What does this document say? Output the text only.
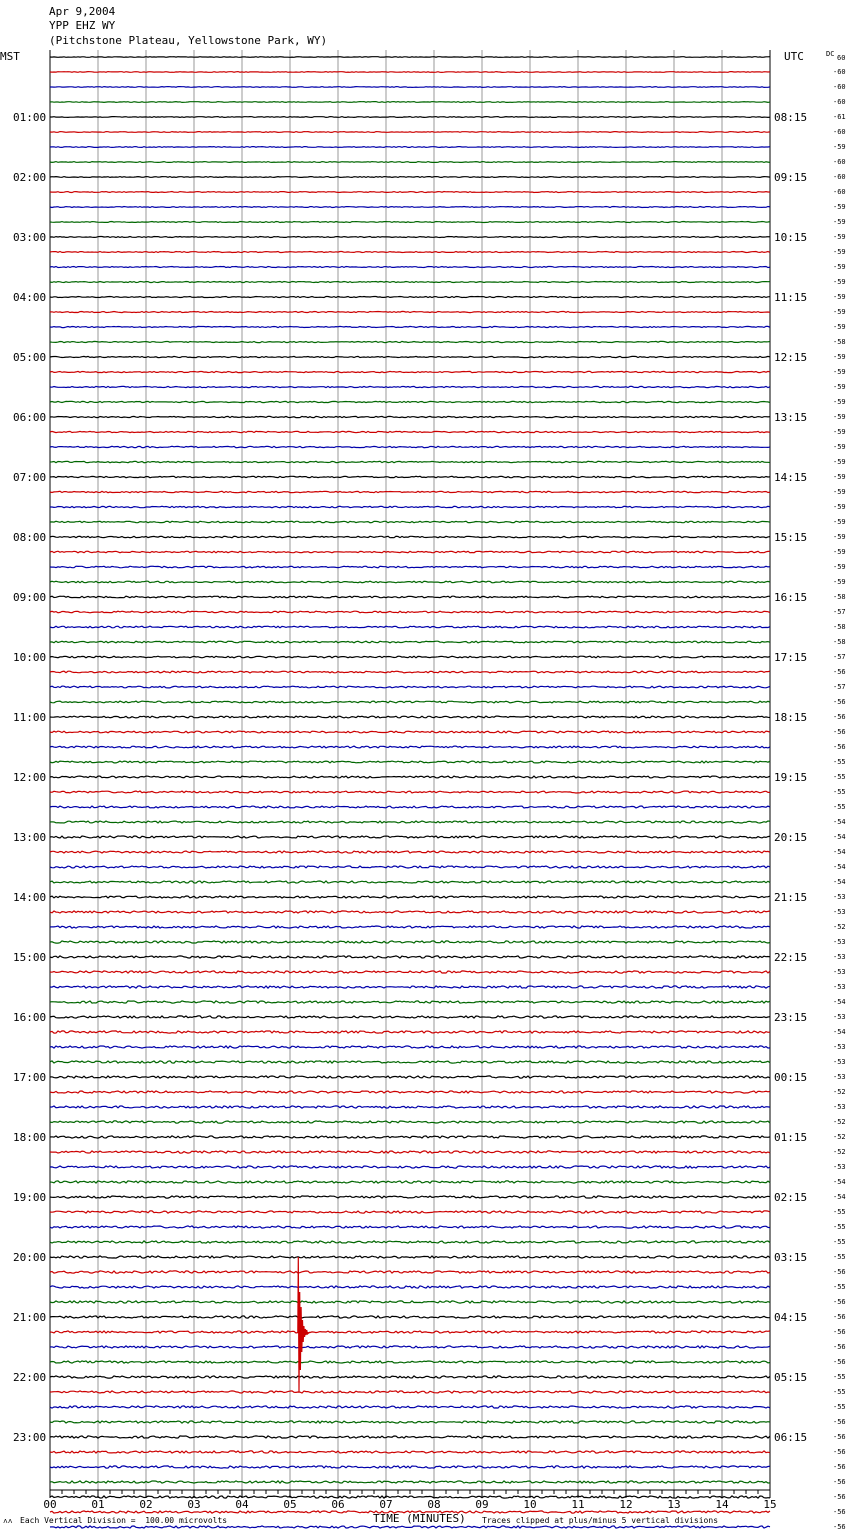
Apr 9,2004
YPP EHZ WY
(Pitchstone Plateau, Yellowstone Park, WY)
MST	UTC
00	01	02	03	04	05	06	07	08	09	10	11	12	13	14	15
01:00
02:00
03:00
04:00
05:00
06:00
07:00
08:00
09:00
10:00
11:00
12:00
13:00
14:00
15:00
16:00
17:00
18:00
19:00
20:00
21:00
22:00
23:00
08:15
09:15
10:15
11:15
12:15
13:15
14:15
15:15
16:15
17:15
18:15
19:15
20:15
21:15
22:15
23:15
00:15
01:15
02:15
03:15
04:15
05:15
06:15
DC 60
-60
-60
-60
-61
-60
-59
-60
-60
-60
-59
-59
-59
-59
-59
-59
-59
-59
-59
-58
-59
-59
-59
-59
-59
-59
-59
-59
-59
-59
-59
-59
-59
-59
-59
-59
-58
-57
-58
-58
-57
-56
-57
-56
-56
-56
-56
-55
-55
-55
-55
-54
-54
-54
-54
-54
-53
-53
-52
-53
-53
-53
-53
-54
-53
-54
-53
-53
-53
-52
-53
-52
-52
-52
-53
-54
-54
-55
-55
-55
-55
-56
-55
-56
-56
-56
-56
-56
-55
-55
-55
-56
-56
-56
-56
-56
-56
-56
-56
˄˄ Each Vertical Division =  100.00 microvolts	TIME (MINUTES) Traces clipped at plus/minus 5 vertical divisions
